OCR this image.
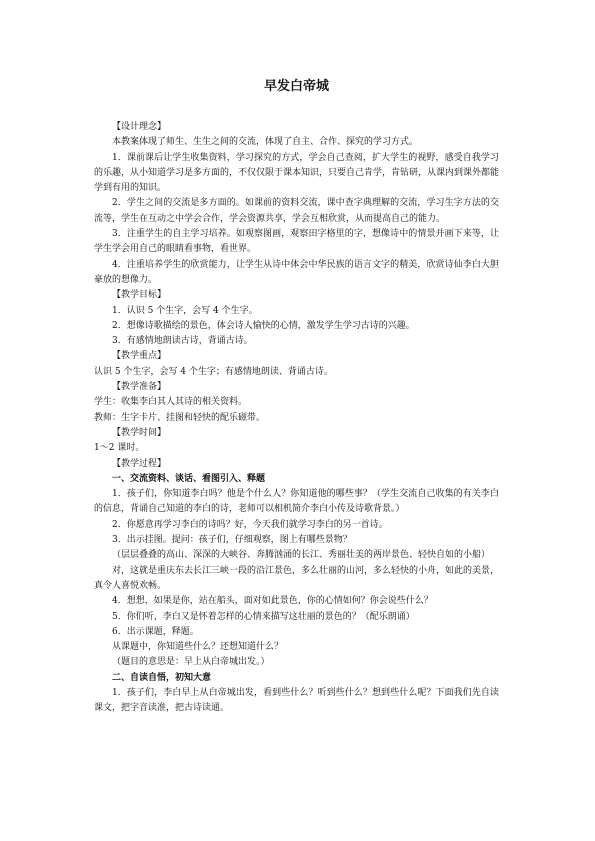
早发白帝城

【设计理念】

本教案体现了师生、生生之间的交流，体现了自主、合作、探究的学习方式。

1．课前课后让学生收集资料，学习探究的方式，学会自己查阅，扩大学生的视野，感受自我学习的乐趣，从小知道学习是多方面的，不仅仅限于课本知识，只要自己肯学，肯钻研，从课内到课外都能学到有用的知识。

2．学生之间的交流是多方面的。如课前的资料交流，课中查字典理解的交流，学习生字方法的交流等，学生在互动之中学会合作，学会资源共享，学会互相欣赏，从而提高自己的能力。

3．注重学生的自主学习培养。如观察图画，观察田字格里的字，想像诗中的情景并画下来等，让学生学会用自己的眼睛看事物，看世界。

4．注重培养学生的欣赏能力，让学生从诗中体会中华民族的语言文字的精美，欣赏诗仙李白大胆豪放的想像力。

【教学目标】

1．认识 5 个生字，会写 4 个生字。

2．想像诗歌描绘的景色，体会诗人愉快的心情，激发学生学习古诗的兴趣。

3．有感情地朗读古诗，背诵古诗。

【教学重点】

认识 5 个生字，会写 4 个生字；有感情地朗读、背诵古诗。

【教学准备】

学生：收集李白其人其诗的相关资料。

教师：生字卡片、挂图和轻快的配乐磁带。

【教学时间】

1～2 课时。

【教学过程】

一、交流资料、谈话、看图引入、释题

1．孩子们，你知道李白吗？他是个什么人？你知道他的哪些事？（学生交流自己收集的有关李白的信息，背诵自己知道的李白的诗，老师可以相机简介李白小传及诗歌背景。）

2．你愿意再学习李白的诗吗？好，今天我们就学习李白的另一首诗。

3．出示挂图。提问：孩子们，仔细观察，图上有哪些景物？

（层层叠叠的高山、深深的大峡谷、奔腾汹涌的长江、秀丽壮美的两岸景色、轻快自如的小船）

对，这就是重庆东去长江三峡一段的沿江景色，多么壮丽的山河，多么轻快的小舟，如此的美景，真令人喜悦欢畅。

4．想想，如果是你，站在船头，面对如此景色，你的心情如何？你会说些什么？

5．你们听，李白又是怀着怎样的心情来描写这壮丽的景色的？（配乐朗诵）

6．出示课题，释题。

从课题中，你知道些什么？还想知道什么？

（题目的意思是：早上从白帝城出发。）

二、自读自悟，初知大意

1．孩子们，李白早上从白帝城出发，看到些什么？听到些什么？想到些什么呢？下面我们先自读课文，把字音读准，把古诗读通。
